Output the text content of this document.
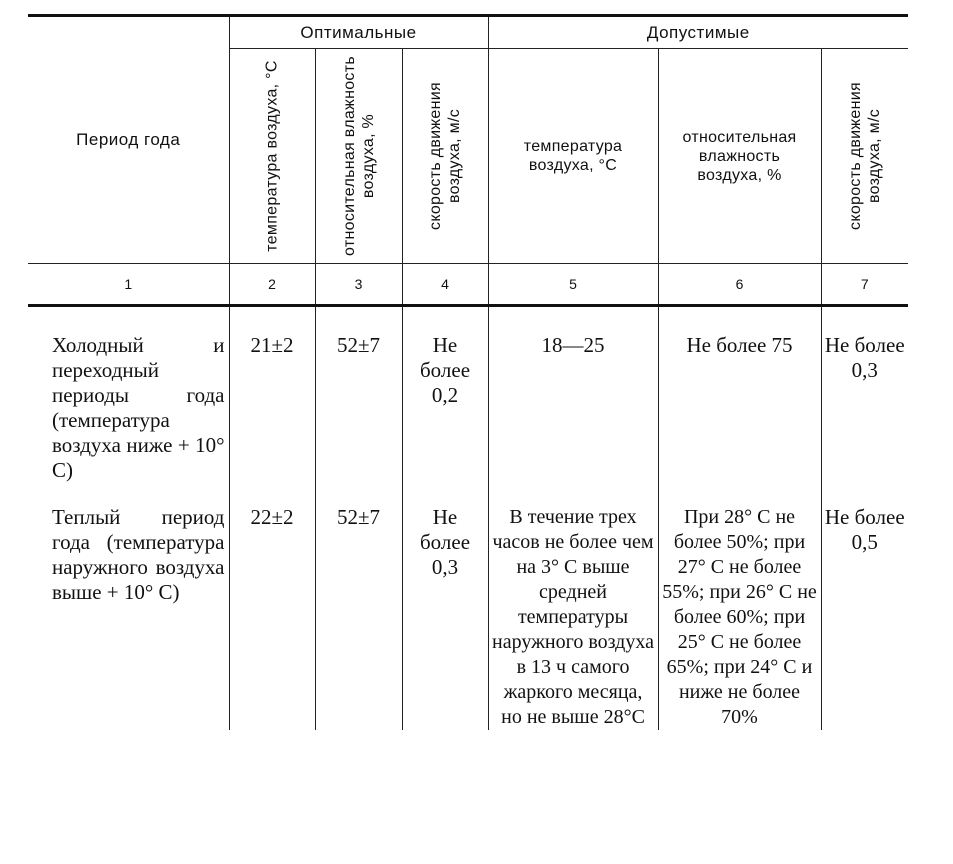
Период года	Оптимальные			Допустимые		

	температура воздуха, °C	относительная влажность воздуха, %	скорость движения воздуха, м/с	температура воздуха, °C	относительная влажность воздуха, %	скорость движения воздуха, м/с

1	2	3	4	5	6	7
Холодный и переходный периоды года (температура воздуха ниже + 10° С)	21±2	52±7	Не более 0,2	18—25	Не более 75	Не более 0,3

Теплый период года (температура наружного воздуха выше + 10° С)	22±2	52±7	Не более 0,3	В течение трех часов не более чем на 3° С выше средней температуры наружного воздуха в 13 ч самого жаркого месяца, но не выше 28°С	При 28° С не более 50%; при 27° С не более 55%; при 26° С не более 60%; при 25° С не более 65%; при 24° С и ниже не более 70%	Не более 0,5
